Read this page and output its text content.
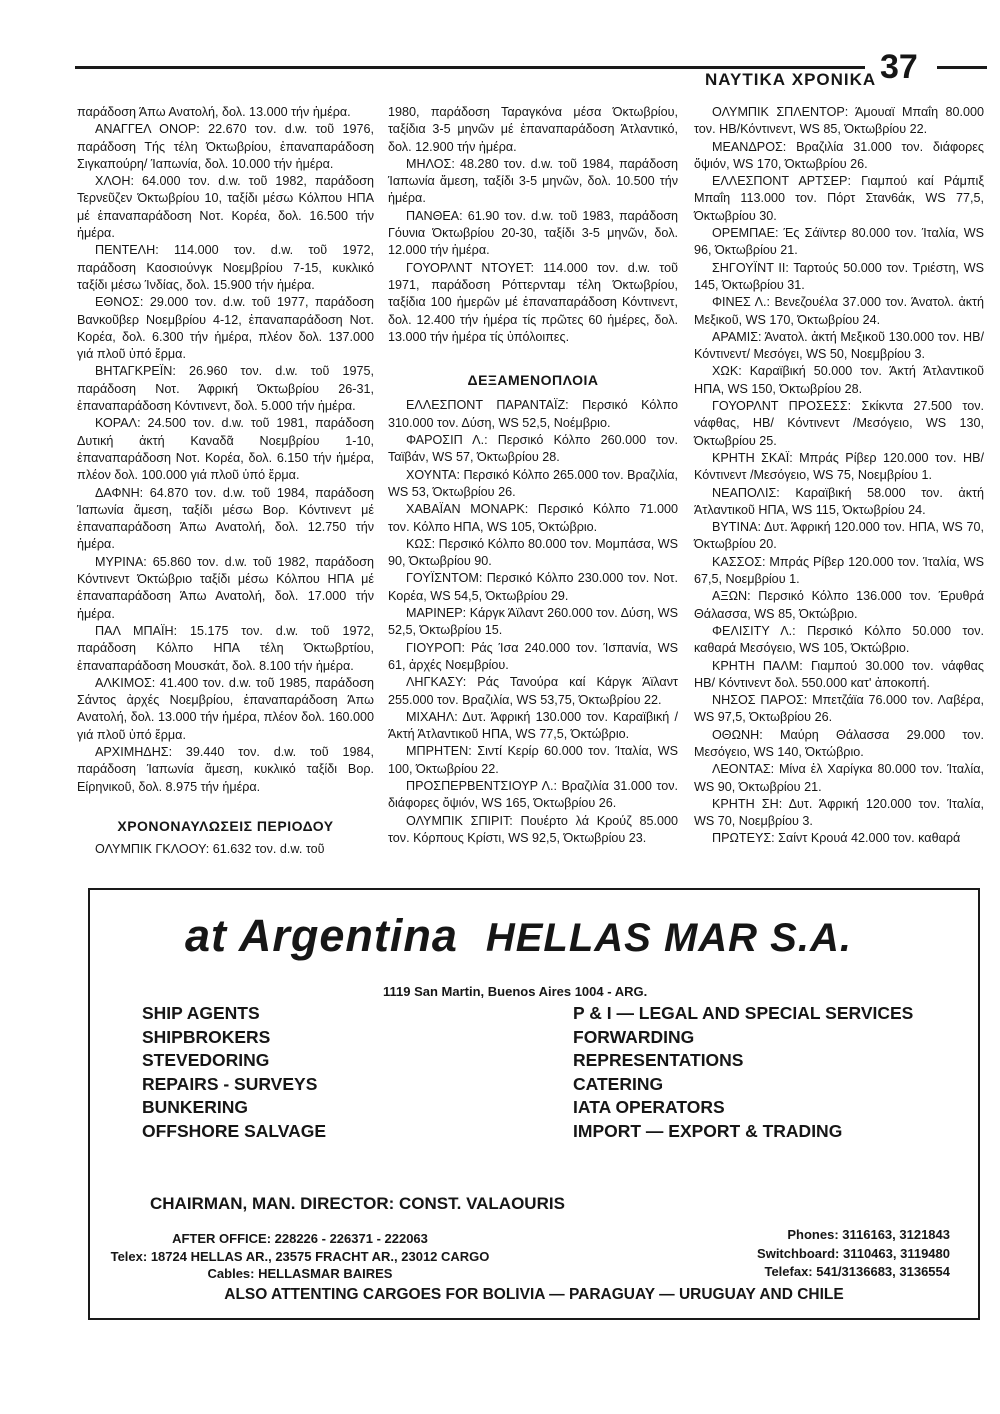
ΝΑΥΤΙΚΑ ΧΡΟΝΙΚΑ 37

παράδοση Άπω Ανατολή, δολ. 13.000 τήν ἡμέρα.

ΑΝΑΓΓΕΛ ΟΝΟΡ: 22.670 τον. d.w. τοῦ 1976, παράδοση Τής τέλη Όκτωβρίου, ἐπαναπαράδοση Σιγκαπούρη/ Ίαπωνία, δολ. 10.000 τήν ἡμέρα.

ΧΛΟΗ: 64.000 τον. d.w. τοῦ 1982, παράδοση Τερνεῦζεν Όκτωβρίου 10, ταξίδι μέσω Κόλπου ΗΠΑ μέ ἐπαναπαράδοση Νοτ. Κορέα, δολ. 16.500 τήν ἡμέρα.

ΠΕΝΤΕΛΗ: 114.000 τον. d.w. τοῦ 1972, παράδοση Καοσιούνγκ Νοεμβρίου 7-15, κυκλικό ταξίδι μέσω Ίνδίας, δολ. 15.900 τήν ἡμέρα.

ΕΘΝΟΣ: 29.000 τον. d.w. τοῦ 1977, παράδοση Βανκοῦβερ Νοεμβρίου 4-12, ἐπαναπαράδοση Νοτ. Κορέα, δολ. 6.300 τήν ἡμέρα, πλέον δολ. 137.000 γιά πλοῦ ὑπό ἔρμα.

ΒΗΤΑΓΚΡΕΪΝ: 26.960 τον. d.w. τοῦ 1975, παράδοση Νοτ. Άφρική Όκτωβρίου 26-31, ἐπαναπαράδοση Κόντινεντ, δολ. 5.000 τήν ἡμέρα.

ΚΟΡΑΛ: 24.500 τον. d.w. τοῦ 1981, παράδοση Δυτική ἀκτή Καναδᾶ Νοεμβρίου 1-10, ἐπαναπαράδοση Νοτ. Κορέα, δολ. 6.150 τήν ἡμέρα, πλέον δολ. 100.000 γιά πλοῦ ὑπό ἔρμα.

ΔΑΦΝΗ: 64.870 τον. d.w. τοῦ 1984, παράδοση Ίαπωνία ἄμεση, ταξίδι μέσω Βορ. Κόντινεντ μέ ἐπαναπαράδοση Άπω Ανατολή, δολ. 12.750 τήν ἡμέρα.

ΜΥΡΙΝΑ: 65.860 τον. d.w. τοῦ 1982, παράδοση Κόντινεντ Όκτώβριο ταξίδι μέσω Κόλπου ΗΠΑ μέ ἐπαναπαράδοση Άπω Ανατολή, δολ. 17.000 τήν ἡμέρα.

ΠΑΛ ΜΠΑΪΗ: 15.175 τον. d.w. τοῦ 1972, παράδοση Κόλπο ΗΠΑ τέλη Όκτωβρτίου, ἐπαναπαράδοση Μουσκάτ, δολ. 8.100 τήν ἡμέρα.

ΑΛΚΙΜΟΣ: 41.400 τον. d.w. τοῦ 1985, παράδοση Σάντος ἀρχές Νοεμβρίου, ἐπαναπαράδοση Άπω Ανατολή, δολ. 13.000 τήν ἡμέρα, πλέον δολ. 160.000 γιά πλοῦ ὑπό ἔρμα.

ΑΡΧΙΜΗΔΗΣ: 39.440 τον. d.w. τοῦ 1984, παράδοση Ίαπωνία ἄμεση, κυκλικό ταξίδι Βορ. Είρηνικοῦ, δολ. 8.975 τήν ἡμέρα.

ΧΡΟΝΟΝΑΥΛΩΣΕΙΣ ΠΕΡΙΟΔΟΥ

ΟΛΥΜΠΙΚ ΓΚΛΟΟΥ: 61.632 τον. d.w. τοῦ

1980, παράδοση Ταραγκόνα μέσα Όκτωβρίου, ταξίδια 3-5 μηνῶν μέ ἐπαναπαράδοση Άτλαντικό, δολ. 12.900 τήν ἡμέρα.

ΜΗΛΟΣ: 48.280 τον. d.w. τοῦ 1984, παράδοση Ίαπωνία ἄμεση, ταξίδι 3-5 μηνῶν, δολ. 10.500 τήν ἡμέρα.

ΠΑΝΘΕΑ: 61.90 τον. d.w. τοῦ 1983, παράδοση Γόυνια Όκτωβρίου 20-30, ταξίδι 3-5 μηνῶν, δολ. 12.000 τήν ἡμέρα.

ΓΟΥΟΡΛΝΤ ΝΤΟΥΕΤ: 114.000 τον. d.w. τοῦ 1971, παράδοση Ρόττερνταμ τέλη Όκτωβρίου, ταξίδια 100 ἡμερῶν μέ ἐπαναπαράδοση Κόντινεντ, δολ. 12.400 τήν ἡμέρα τίς πρῶτες 60 ἡμέρες, δολ. 13.000 τήν ἡμέρα τίς ὑπόλοιπες.

ΔΕΞΑΜΕΝΟΠΛΟΙΑ

ΕΛΛΕΣΠΟΝΤ ΠΑΡΑΝΤΑΪΖ: Περσικό Κόλπο 310.000 τον. Δύση, WS 52,5, Νοέμβριο.

ΦΑΡΟΣΙΠ Λ.: Περσικό Κόλπο 260.000 τον. Ταϊβάν, WS 57, Όκτωβρίου 28.

ΧΟΥΝΤΑ: Περσικό Κόλπο 265.000 τον. Βραζιλία, WS 53, Όκτωβρίου 26.

ΧΑΒΑΪΑΝ ΜΟΝΑΡΚ: Περσικό Κόλπο 71.000 τον. Κόλπο ΗΠΑ, WS 105, Όκτώβριο.

ΚΩΣ: Περσικό Κόλπο 80.000 τον. Μομπάσα, WS 90, Όκτωβρίου 90.

ΓΟΥΪΣΝΤΟΜ: Περσικό Κόλπο 230.000 τον. Νοτ. Κορέα, WS 54,5, Όκτωβρίου 29.

ΜΑΡΙΝΕΡ: Κάργκ Άϊλαντ 260.000 τον. Δύση, WS 52,5, Όκτωβρίου 15.

ΓΙΟΥΡΟΠ: Ράς Ίσα 240.000 τον. Ίσπανία, WS 61, ἀρχές Νοεμβρίου.

ΛΗΓΚΑΣΥ: Ράς Τανούρα καί Κάργκ Άϊλαντ 255.000 τον. Βραζιλία, WS 53,75, Όκτωβρίου 22.

ΜΙΧΑΗΛ: Δυτ. Άφρική 130.000 τον. Καραϊβική / Άκτή Άτλαντικοῦ ΗΠΑ, WS 77,5, Όκτώβριο.

ΜΠΡΗΤΕΝ: Σιντί Κερίρ 60.000 τον. Ίταλία, WS 100, Όκτωβρίου 22.

ΠΡΟΣΠΕΡΒΕΝΤΣΙΟΥΡ Λ.: Βραζιλία 31.000 τον. διάφορες ὄψιόν, WS 165, Όκτωβρίου 26.

ΟΛΥΜΠΙΚ ΣΠΙΡΙΤ: Πουέρτο λά Κρούζ 85.000 τον. Κόρπους Κρίστι, WS 92,5, Όκτωβρίου 23.

ΟΛΥΜΠΙΚ ΣΠΛΕΝΤΟΡ: Άμουαϊ Μπαΐη 80.000 τον. ΗΒ/Κόντινεντ, WS 85, Όκτωβρίου 22.

ΜΕΑΝΔΡΟΣ: Βραζιλία 31.000 τον. διάφορες ὄψιόν, WS 170, Όκτωβρίου 26.

ΕΛΛΕΣΠΟΝΤ ΑΡΤΣΕΡ: Γιαμπού καί Ράμπιξ Μπαΐη 113.000 τον. Πόρτ Σταν6άκ, WS 77,5, Όκτωβρίου 30.

ΟΡΕΜΠΑΕ: Ές Σάϊντερ 80.000 τον. Ίταλία, WS 96, Όκτωβρίου 21.

ΣΗΓΟΥΪΝΤ ΙΙ: Ταρτούς 50.000 τον. Τριέστη, WS 145, Όκτωβρίου 31.

ΦΙΝΕΣ Λ.: Βενεζουέλα 37.000 τον. Άνατολ. ἀκτή Μεξικοῦ, WS 170, Όκτωβρίου 24.

ΑΡΑΜΙΣ: Άνατολ. ἀκτή Μεξικοῦ 130.000 τον. ΗΒ/Κόντινεντ/ Μεσόγει, WS 50, Νοεμβρίου 3.

ΧΩΚ: Καραϊβική 50.000 τον. Άκτή Άτλαντικοῦ ΗΠΑ, WS 150, Όκτωβρίου 28.

ΓΟΥΟΡΛΝΤ ΠΡΟΣΕΣΣ: Σκίκντα 27.500 τον. νάφθας, ΗΒ/ Κόντινεντ /Μεσόγειο, WS 130, Όκτωβρίου 25.

ΚΡΗΤΗ ΣΚΑΪ: Μπράς Ρίβερ 120.000 τον. ΗΒ/Κόντινεντ /Μεσόγειο, WS 75, Νοεμβρίου 1.

ΝΕΑΠΟΛΙΣ: Καραϊβική 58.000 τον. ἀκτή Άτλαντικοῦ ΗΠΑ, WS 115, Όκτωβρίου 24.

ΒΥΤΙΝΑ: Δυτ. Άφρική 120.000 τον. ΗΠΑ, WS 70, Όκτωβρίου 20.

ΚΑΣΣΟΣ: Μπράς Ρίβερ 120.000 τον. Ίταλία, WS 67,5, Νοεμβρίου 1.

ΑΞΩΝ: Περσικό Κόλπο 136.000 τον. Έρυθρά Θάλασσα, WS 85, Όκτώβριο.

ΦΕΛΙΣΙΤΥ Λ.: Περσικό Κόλπο 50.000 τον. καθαρά Μεσόγειο, WS 105, Όκτώβριο.

ΚΡΗΤΗ ΠΑΛΜ: Γιαμπού 30.000 τον. νάφθας ΗΒ/ Κόντινεντ δολ. 550.000 κατ' ἀποκοπή.

ΝΗΣΟΣ ΠΑΡΟΣ: Μπετζάϊα 76.000 τον. Λαβέρα, WS 97,5, Όκτωβρίου 26.

ΟΘΩΝΗ: Μαύρη Θάλασσα 29.000 τον. Μεσόγειο, WS 140, Όκτώβριο.

ΛΕΟΝΤΑΣ: Μίνα ἐλ Χαρίγκα 80.000 τον. Ίταλία, WS 90, Όκτωβρίου 21.

ΚΡΗΤΗ ΣΗ: Δυτ. Άφρική 120.000 τον. Ίταλία, WS 70, Νοεμβρίου 3.

ΠΡΩΤΕΥΣ: Σαίντ Κρουά 42.000 τον. καθαρά

at Argentina HELLAS MAR S.A.
1119 San Martin, Buenos Aires 1004 - ARG.
SHIP AGENTS
SHIPBROKERS
STEVEDORING
REPAIRS - SURVEYS
BUNKERING
OFFSHORE SALVAGE
P & I — LEGAL AND SPECIAL SERVICES
FORWARDING
REPRESENTATIONS
CATERING
IATA OPERATORS
IMPORT — EXPORT & TRADING
CHAIRMAN, MAN. DIRECTOR: CONST. VALAOURIS
AFTER OFFICE: 228226 - 226371 - 222063
Telex: 18724 HELLAS AR., 23575 FRACHT AR., 23012 CARGO
Cables: HELLASMAR BAIRES
Phones: 3116163, 3121843
Switchboard: 3110463, 3119480
Telefax: 541/3136683, 3136554
ALSO ATTENTING CARGOES FOR BOLIVIA — PARAGUAY — URUGUAY AND CHILE
